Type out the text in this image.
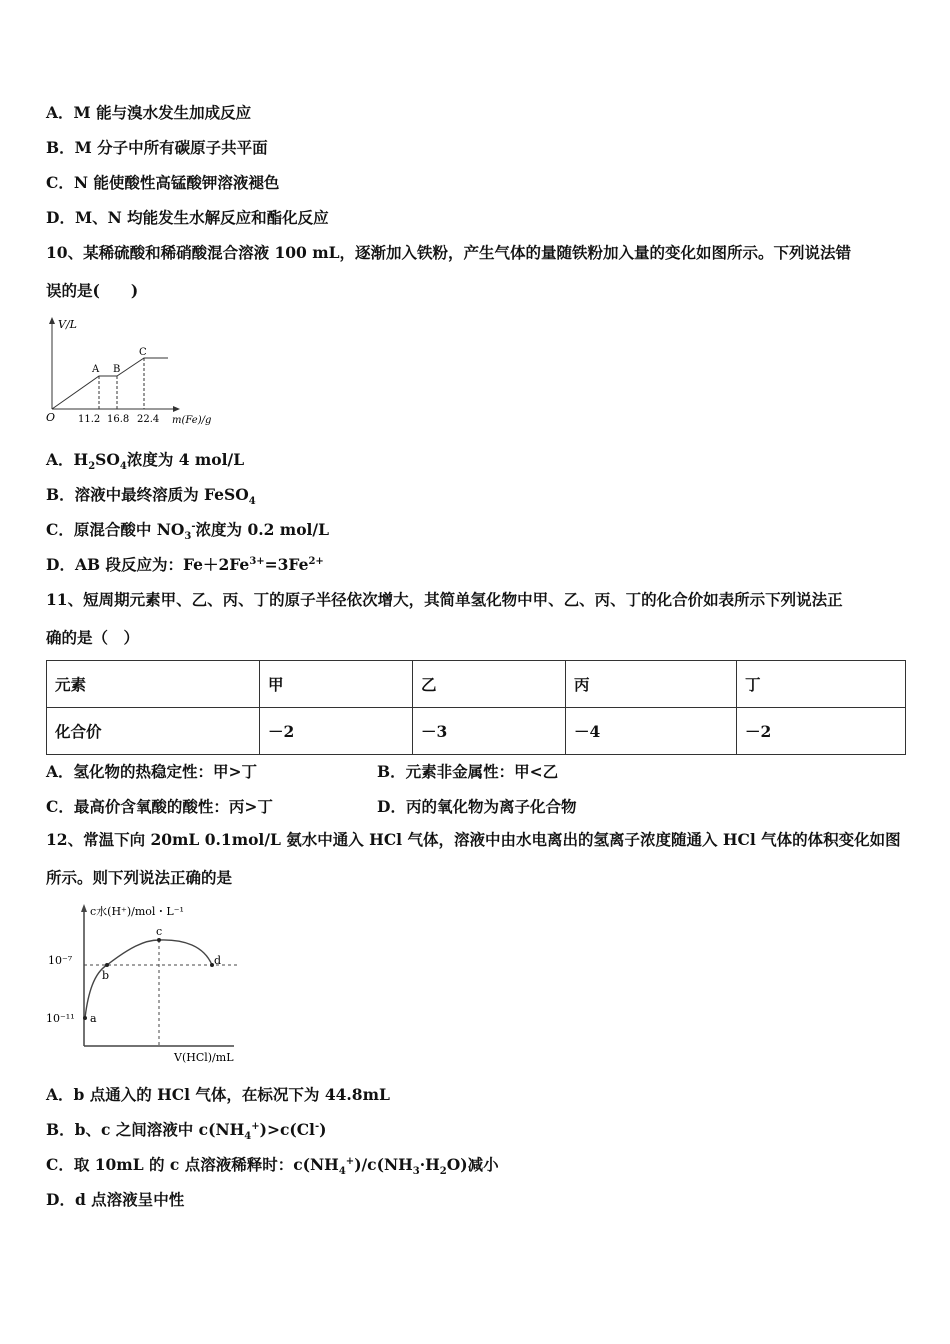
A．M 能与溴水发生加成反应
B．M 分子中所有碳原子共平面
C．N 能使酸性高锰酸钾溶液褪色
D．M、N 均能发生水解反应和酯化反应
10、某稀硫酸和稀硝酸混合溶液 100 mL，逐渐加入铁粉，产生气体的量随铁粉加入量的变化如图所示。下列说法错
误的是(　　)
V/L
O
A B
C
11.2 16.8 22.4 m(Fe)/g
A．$H_2SO_4$浓度为 4 mol/L
B．溶液中最终溶质为 FeSO$_4$
C．原混合酸中 $NO_3^-$浓度为 0.2 mol/L
D．AB 段反应为：$Fe+2Fe^{3+}=3Fe^{2+}$
11、短周期元素甲、乙、丙、丁的原子半径依次增大，其简单氢化物中甲、乙、丙、丁的化合价如表所示下列说法正
确的是（　）
元素	甲	乙	丙	丁
化合价	－2	－3	－4	－2
A．氢化物的热稳定性：甲>丁	B．元素非金属性：甲<乙
C．最高价含氧酸的酸性：丙>丁	D．丙的氧化物为离子化合物
12、常温下向 20mL 0.1mol/L 氨水中通入 HCl 气体，溶液中由水电离出的氢离子浓度随通入 HCl 气体的体积变化如图
所示。则下列说法正确的是
c水(H⁺)/mol・L⁻¹
10⁻⁷
10⁻¹¹ a
b
c
d
V(HCl)/mL
A．b 点通入的 HCl 气体，在标况下为 44.8mL
B．b、c 之间溶液中 $c(NH_4^+)>c(Cl^-)$
C．取 10mL 的 c 点溶液稀释时：$c(NH_4^+)/c(NH_3\cdot H_2O)$减小
D．d 点溶液呈中性
